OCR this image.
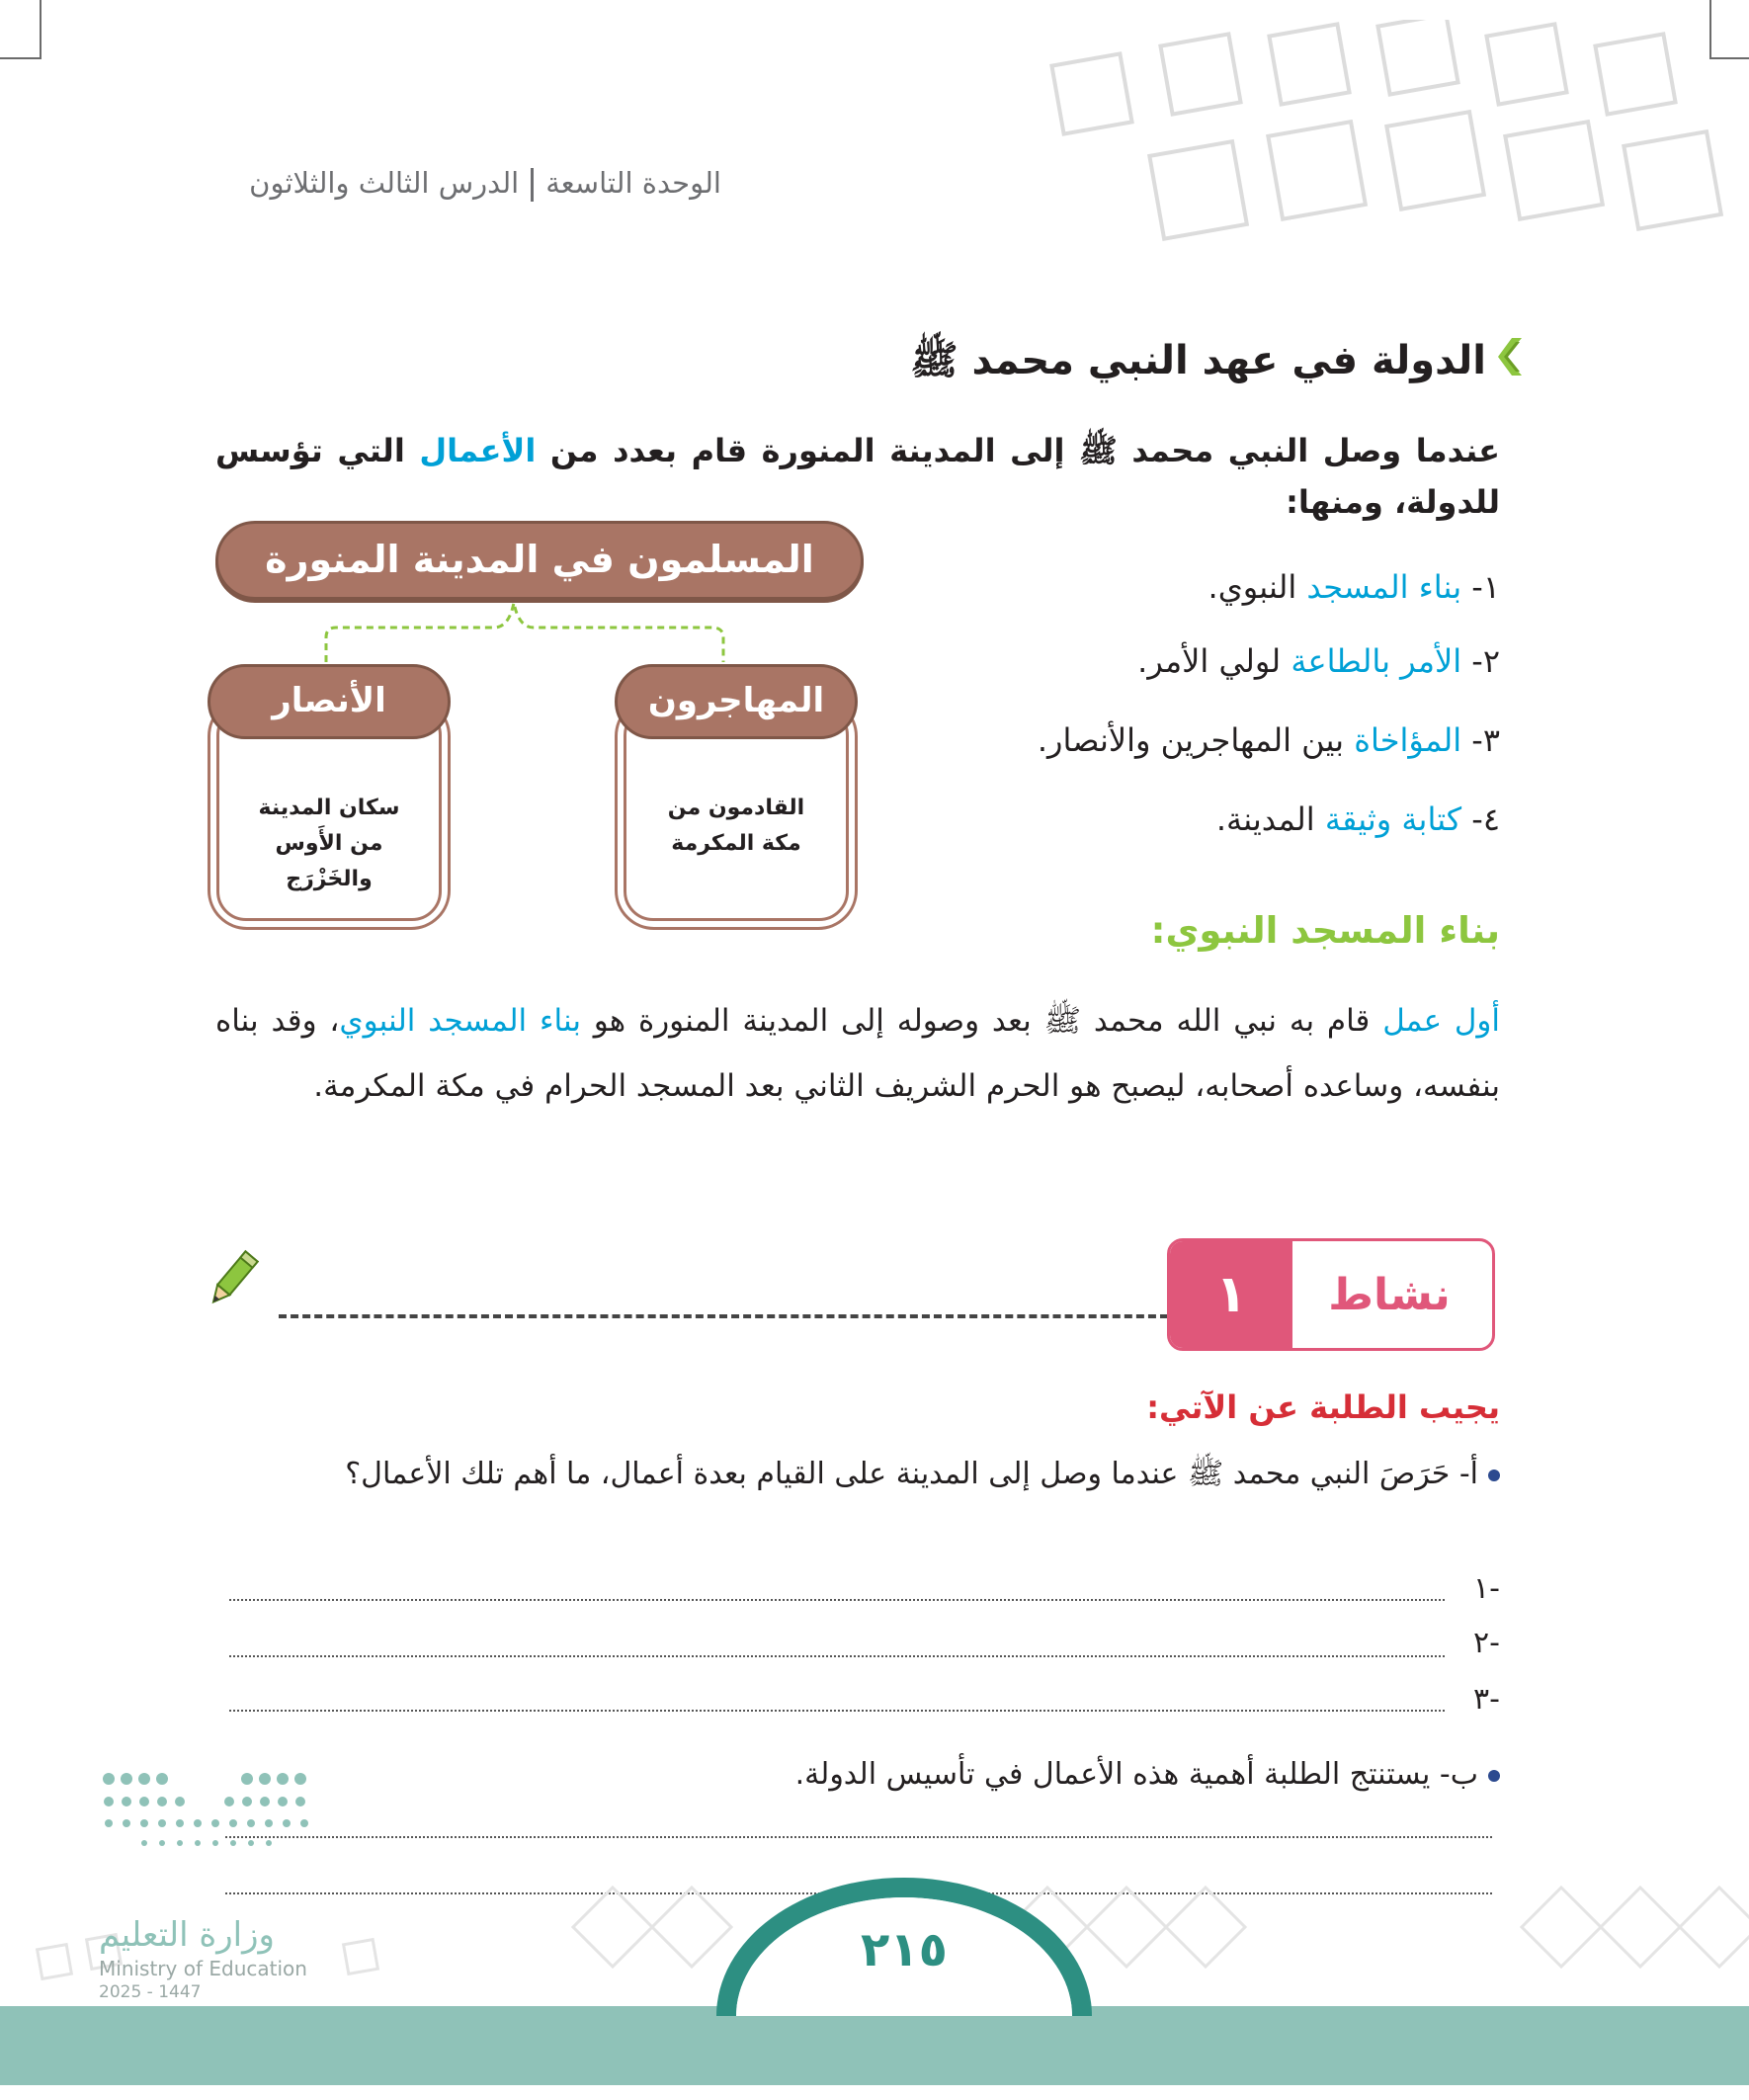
الوحدة التاسعةالدرس الثالث والثلاثون
الدولة في عهد النبي محمد ﷺ
عندما وصل النبي محمد ﷺ إلى المدينة المنورة قام بعدد من الأعمال التي تؤسس للدولة، ومنها:
١- بناء المسجد النبوي.
٢- الأمر بالطاعة لولي الأمر.
٣- المؤاخاة بين المهاجرين والأنصار.
٤- كتابة وثيقة المدينة.
المسلمون في المدينة المنورة
القادمون من
مكة المكرمة
المهاجرون
سكان المدينة
من الأَوس
والخَزْرَج
الأنصار
بناء المسجد النبوي:
أول عمل قام به نبي الله محمد ﷺ بعد وصوله إلى المدينة المنورة هو بناء المسجد النبوي، وقد بناه بنفسه، وساعده أصحابه، ليصبح هو الحرم الشريف الثاني بعد المسجد الحرام في مكة المكرمة.
١	نشاط
يجيب الطلبة عن الآتي:
أ- حَرَصَ النبي محمد ﷺ عندما وصل إلى المدينة على القيام بعدة أعمال، ما أهم تلك الأعمال؟
١-
٢-
٣-
ب- يستنتج الطلبة أهمية هذه الأعمال في تأسيس الدولة.
وزارة التعليم
Ministry of Education
2025 - 1447
٢١٥
